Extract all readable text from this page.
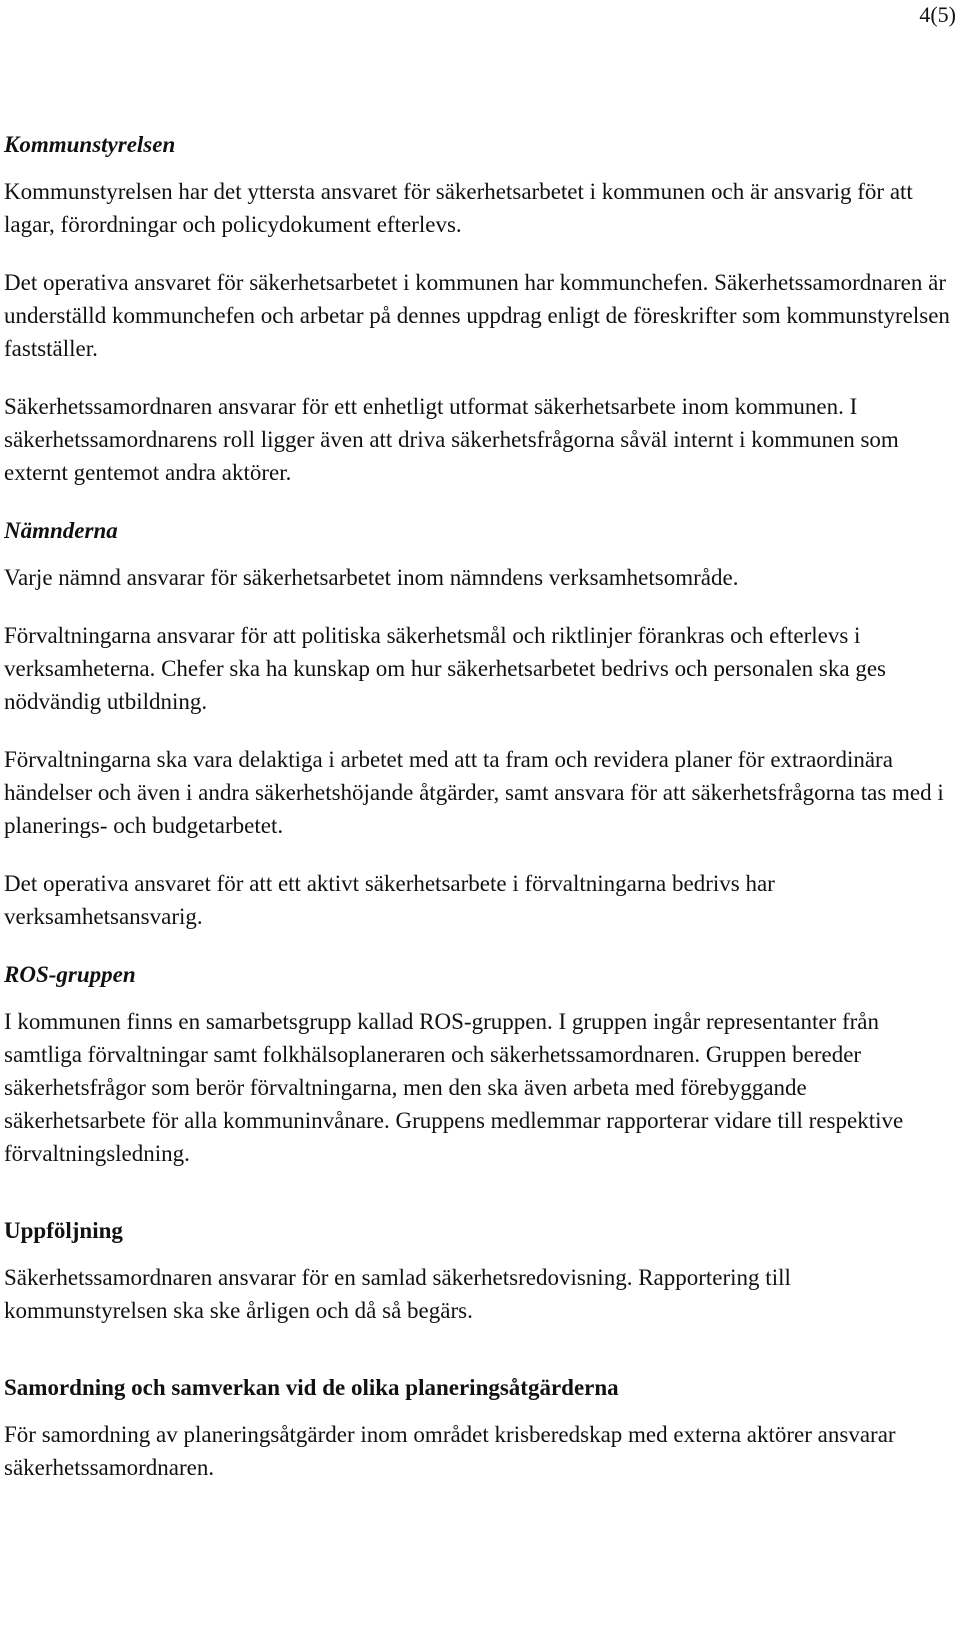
4(5)
Kommunstyrelsen

Kommunstyrelsen har det yttersta ansvaret för säkerhetsarbetet i kommunen och är ansvarig för att lagar, förordningar och policydokument efterlevs.

Det operativa ansvaret för säkerhetsarbetet i kommunen har kommunchefen. Säkerhetssamordnaren är underställd kommunchefen och arbetar på dennes uppdrag enligt de föreskrifter som kommunstyrelsen fastställer.

Säkerhetssamordnaren ansvarar för ett enhetligt utformat säkerhetsarbete inom kommunen. I säkerhetssamordnarens roll ligger även att driva säkerhetsfrågorna såväl internt i kommunen som externt gentemot andra aktörer.

Nämnderna

Varje nämnd ansvarar för säkerhetsarbetet inom nämndens verksamhetsområde.

Förvaltningarna ansvarar för att politiska säkerhetsmål och riktlinjer förankras och efterlevs i verksamheterna. Chefer ska ha kunskap om hur säkerhetsarbetet bedrivs och personalen ska ges nödvändig utbildning.

Förvaltningarna ska vara delaktiga i arbetet med att ta fram och revidera planer för extraordinära händelser och även i andra säkerhetshöjande åtgärder, samt ansvara för att säkerhetsfrågorna tas med i planerings- och budgetarbetet.

Det operativa ansvaret för att ett aktivt säkerhetsarbete i förvaltningarna bedrivs har verksamhetsansvarig.

ROS-gruppen

I kommunen finns en samarbetsgrupp kallad ROS-gruppen. I gruppen ingår representanter från samtliga förvaltningar samt folkhälsoplaneraren och säkerhetssamordnaren. Gruppen bereder säkerhetsfrågor som berör förvaltningarna, men den ska även arbeta med förebyggande säkerhetsarbete för alla kommuninvånare. Gruppens medlemmar rapporterar vidare till respektive förvaltningsledning.

Uppföljning

Säkerhetssamordnaren ansvarar för en samlad säkerhetsredovisning. Rapportering till kommunstyrelsen ska ske årligen och då så begärs.

Samordning och samverkan vid de olika planeringsåtgärderna

För samordning av planeringsåtgärder inom området krisberedskap med externa aktörer ansvarar säkerhetssamordnaren.
